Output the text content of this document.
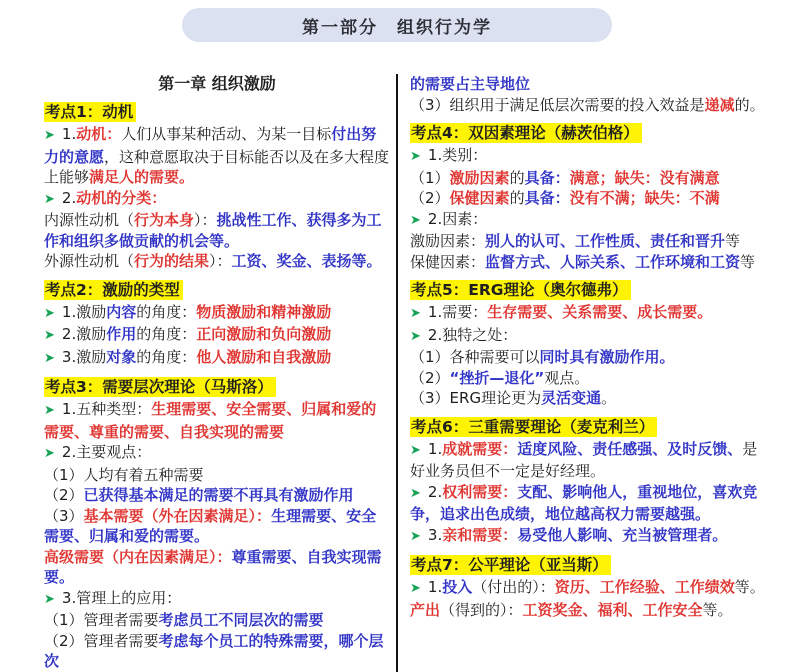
第一部分　组织行为学

第一章 组织激励

考点1：动机

➤ 1.动机：人们从事某种活动、为某一目标付出努力的意愿，这种意愿取决于目标能否以及在多大程度上能够满足人的需要。

➤ 2.动机的分类：

内源性动机（行为本身）：挑战性工作、获得多为工作和组织多做贡献的机会等。

外源性动机（行为的结果）：工资、奖金、表扬等。

考点2：激励的类型

➤ 1.激励内容的角度：物质激励和精神激励

➤ 2.激励作用的角度：正向激励和负向激励

➤ 3.激励对象的角度：他人激励和自我激励

考点3：需要层次理论（马斯洛）

➤ 1.五种类型：生理需要、安全需要、归属和爱的需要、尊重的需要、自我实现的需要

➤ 2.主要观点：

（1）人均有着五种需要

（2）已获得基本满足的需要不再具有激励作用

（3）基本需要（外在因素满足）：生理需要、安全需要、归属和爱的需要。

高级需要（内在因素满足）：尊重需要、自我实现需要。

➤ 3.管理上的应用：

（1）管理者需要考虑员工不同层次的需要

（2）管理者需要考虑每个员工的特殊需要，哪个层次

的需要占主导地位

（3）组织用于满足低层次需要的投入效益是递减的。

考点4：双因素理论（赫茨伯格）

➤ 1.类别：

（1）激励因素的具备：满意；缺失：没有满意

（2）保健因素的具备：没有不满；缺失：不满

➤ 2.因素：

激励因素：别人的认可、工作性质、责任和晋升等

保健因素：监督方式、人际关系、工作环境和工资等

考点5：ERG理论（奥尔德弗）

➤ 1.需要：生存需要、关系需要、成长需要。

➤ 2.独特之处：

（1）各种需要可以同时具有激励作用。

（2）“挫折—退化”观点。

（3）ERG理论更为灵活变通。

考点6：三重需要理论（麦克利兰）

➤ 1.成就需要：适度风险、责任感强、及时反馈、是好业务员但不一定是好经理。

➤ 2.权利需要：支配、影响他人，重视地位，喜欢竞争，追求出色成绩，地位越高权力需要越强。

➤ 3.亲和需要：易受他人影响、充当被管理者。

考点7：公平理论（亚当斯）

➤ 1.投入（付出的）：资历、工作经验、工作绩效等。

产出（得到的）：工资奖金、福利、工作安全等。
